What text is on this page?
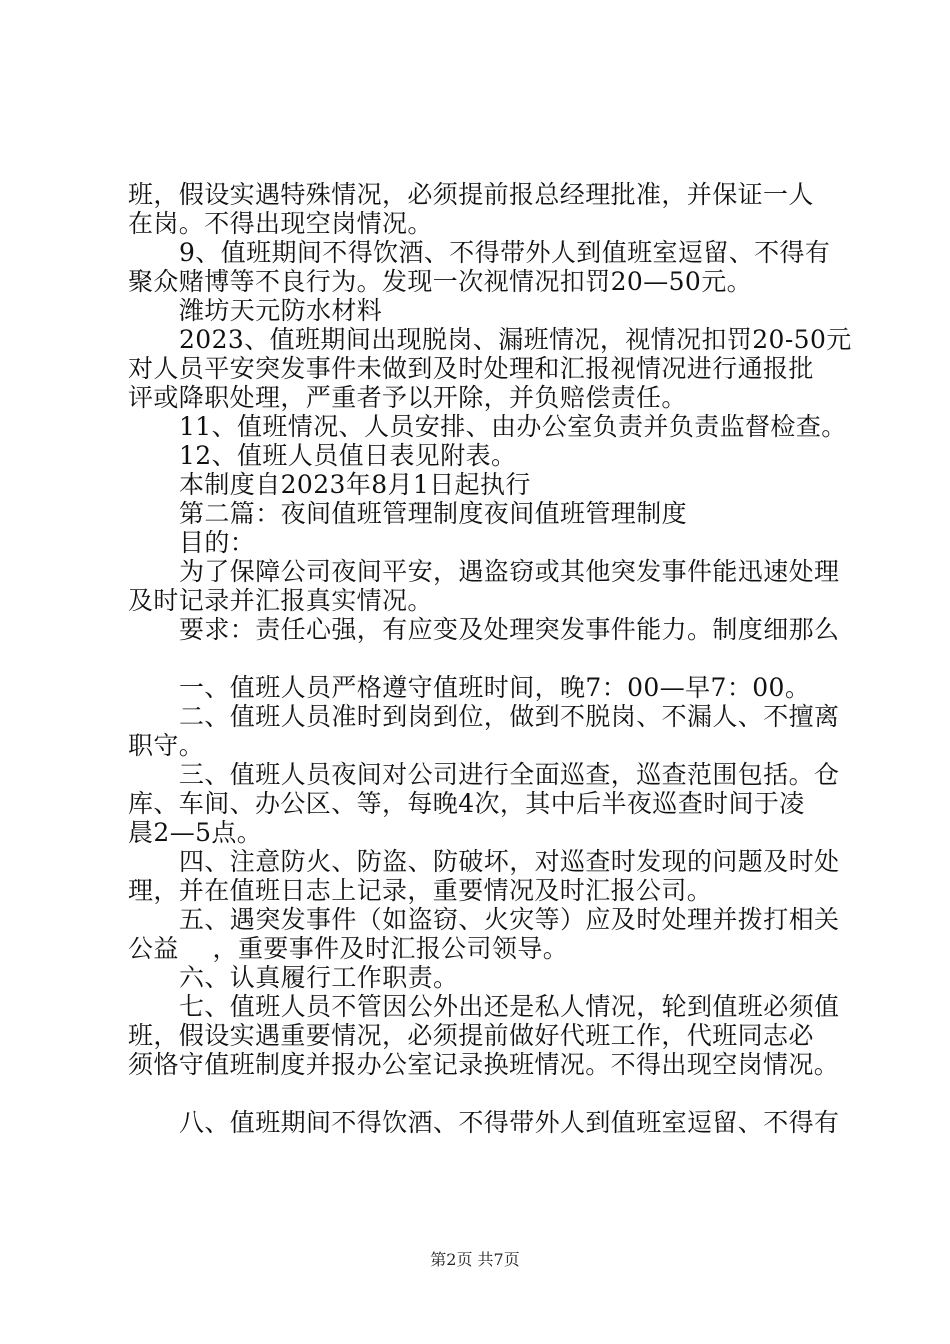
班，假设实遇特殊情况，必须提前报总经理批准，并保证一人
在岗。不得出现空岗情况。
9、值班期间不得饮酒、不得带外人到值班室逗留、不得有
聚众赌博等不良行为。发现一次视情况扣罚20—50元。
潍坊天元防水材料
2023、值班期间出现脱岗、漏班情况，视情况扣罚20-50元
对人员平安突发事件未做到及时处理和汇报视情况进行通报批
评或降职处理，严重者予以开除，并负赔偿责任。
11、值班情况、人员安排、由办公室负责并负责监督检查。
12、值班人员值日表见附表。
本制度自2023年8月1日起执行
第二篇：夜间值班管理制度夜间值班管理制度
目的：
为了保障公司夜间平安，遇盗窃或其他突发事件能迅速处理
及时记录并汇报真实情况。
要求：责任心强，有应变及处理突发事件能力。制度细那么
一、值班人员严格遵守值班时间，晚7：00—早7：00。
二、值班人员准时到岗到位，做到不脱岗、不漏人、不擅离
职守。
三、值班人员夜间对公司进行全面巡查，巡查范围包括。仓
库、车间、办公区、等，每晚4次，其中后半夜巡查时间于凌
晨2—5点。
四、注意防火、防盗、防破坏，对巡查时发现的问题及时处
理，并在值班日志上记录，重要情况及时汇报公司。
五、遇突发事件（如盗窃、火灾等）应及时处理并拨打相关
公益　 ，重要事件及时汇报公司领导。
六、认真履行工作职责。
七、值班人员不管因公外出还是私人情况，轮到值班必须值
班，假设实遇重要情况，必须提前做好代班工作，代班同志必
须恪守值班制度并报办公室记录换班情况。不得出现空岗情况。
八、值班期间不得饮酒、不得带外人到值班室逗留、不得有
第2页 共7页
